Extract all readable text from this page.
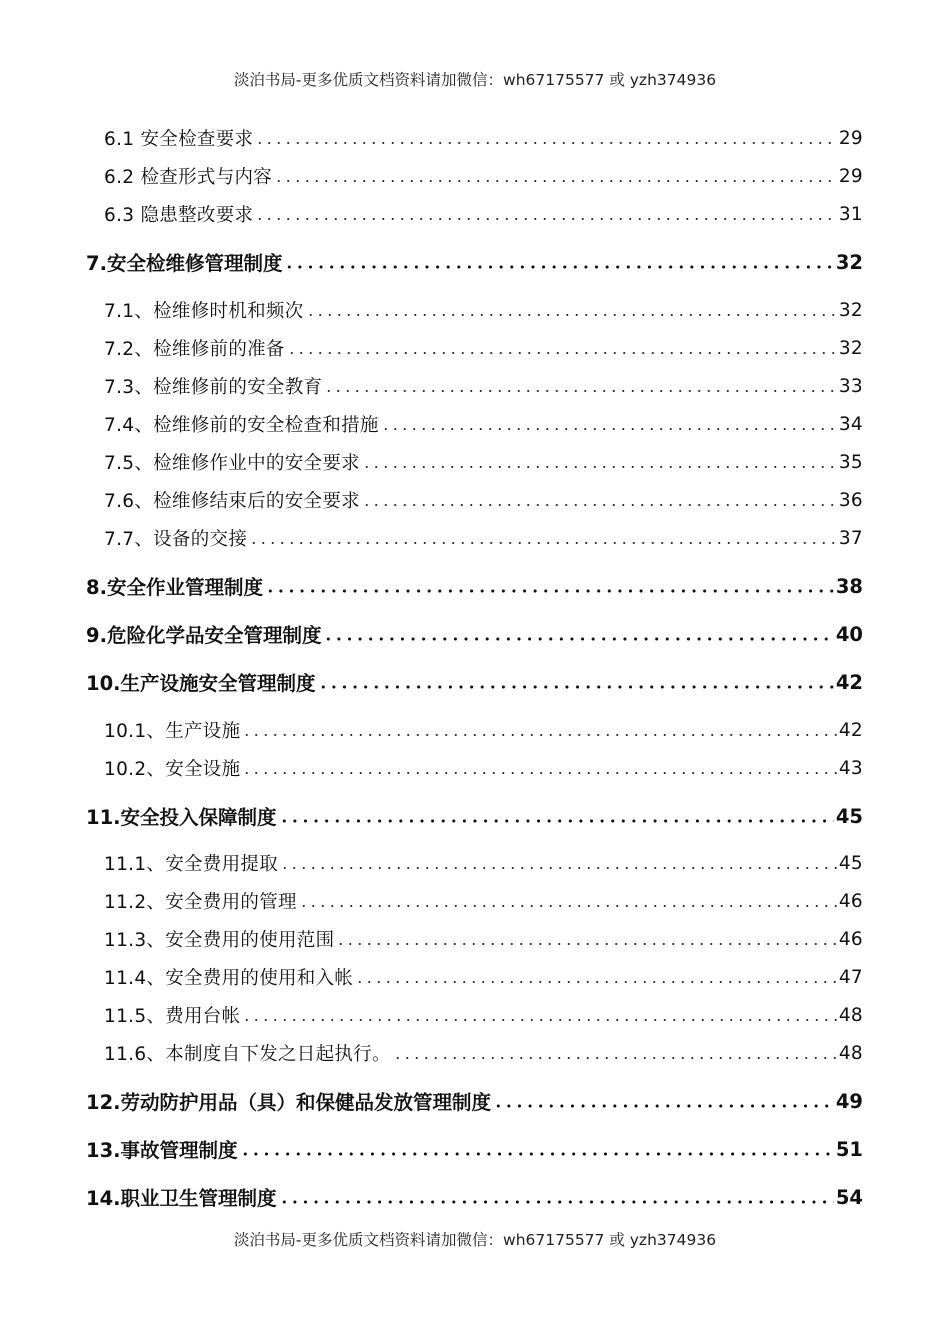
淡泊书局-更多优质文档资料请加微信：wh67175577 或 yzh374936
6.1 安全检查要求	29
6.2 检查形式与内容	29
6.3 隐患整改要求	31
7.安全检维修管理制度	32
7.1、检维修时机和频次	32
7.2、检维修前的准备	32
7.3、检维修前的安全教育	33
7.4、检维修前的安全检查和措施	34
7.5、检维修作业中的安全要求	35
7.6、检维修结束后的安全要求	36
7.7、设备的交接	37
8.安全作业管理制度	38
9.危险化学品安全管理制度	40
10.生产设施安全管理制度	42
10.1、生产设施	42
10.2、安全设施	43
11.安全投入保障制度	45
11.1、安全费用提取	45
11.2、安全费用的管理	46
11.3、安全费用的使用范围	46
11.4、安全费用的使用和入帐	47
11.5、费用台帐	48
11.6、本制度自下发之日起执行。	48
12.劳动防护用品（具）和保健品发放管理制度	49
13.事故管理制度	51
14.职业卫生管理制度	54
淡泊书局-更多优质文档资料请加微信：wh67175577 或 yzh374936
